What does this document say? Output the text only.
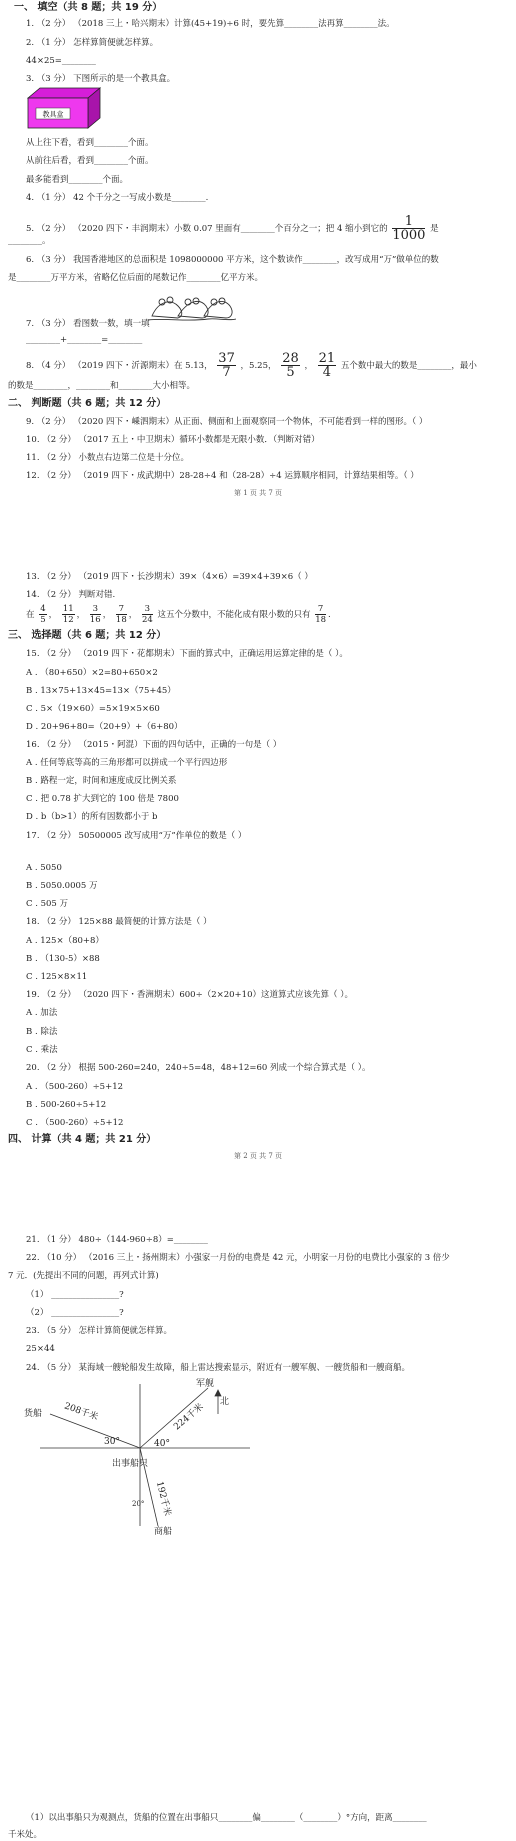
一、 填空（共 8 题；共 19 分）
1. （2 分） （2018 三上・哈兴期末）计算(45+19)÷6 时，要先算________法再算________法。
2. （1 分） 怎样算简便就怎样算。
44×25=________
3. （3 分） 下图所示的是一个教具盒。
教具盒
从上往下看，看到________个面。
从前往后看，看到________个面。
最多能看到________个面。
4. （1 分） 42 个千分之一写成小数是________.
5. （2 分） （2020 四下・丰润期末）小数 0.07 里面有________个百分之一；把 4 缩小到它的 $\frac{1}{1000}$ 是
________。
6. （3 分） 我国香港地区的总面积是 1098000000 平方米，这个数读作________，改写成用“万”做单位的数
是________万平方米，省略亿位后面的尾数记作________亿平方米。
7. （3 分） 看图数一数，填一填
________+________=________
8. （4 分） （2019 四下・沂源期末）在 5.13， $\frac{37}{7}$ ，5.25， $\frac{28}{5}$ ， $\frac{21}{4}$ 五个数中最大的数是________，最小
的数是________，________和________大小相等。
二、 判断题（共 6 题；共 12 分）
9. （2 分） （2020 四下・嵊泗期末）从正面、侧面和上面观察同一个物体，不可能看到一样的图形。（ ）
10. （2 分） （2017 五上・中卫期末）循环小数都是无限小数．（判断对错）
11. （2 分） 小数点右边第二位是十分位。
12. （2 分） （2019 四下・成武期中）28-28÷4 和（28-28）÷4 运算顺序相同，计算结果相等。（ ）
第 1 页 共 7 页
13. （2 分） （2019 四下・长沙期末）39×（4×6）=39×4+39×6（ ）
14. （2 分） 判断对错.
在 $\frac{4}{5}$ ， $\frac{11}{12}$ ， $\frac{3}{16}$ ， $\frac{7}{18}$ ， $\frac{3}{24}$ 这五个分数中，不能化成有限小数的只有 $\frac{7}{18}$ .
三、 选择题（共 6 题；共 12 分）
15. （2 分） （2019 四下・花都期末）下面的算式中，正确运用运算定律的是（ ）。
A . （80+650）×2=80+650×2
B . 13×75+13×45=13×（75+45）
C . 5×（19×60）=5×19×5×60
D . 20+96+80=（20+9）+（6+80）
16. （2 分） （2015・阿混）下面的四句话中，正确的一句是（ ）
A . 任何等底等高的三角形都可以拼成一个平行四边形
B . 路程一定，时间和速度成反比例关系
C . 把 0.78 扩大到它的 100 倍是 7800
D . b（b>1）的所有因数都小于 b
17. （2 分） 50500005 改写成用“万”作单位的数是（ ）
A . 5050
B . 5050.0005 万
C . 505 万
18. （2 分） 125×88 最简便的计算方法是（ ）
A . 125×（80+8）
B . （130-5）×88
C . 125×8×11
19. （2 分） （2020 四下・香洲期末）600÷（2×20+10）这道算式应该先算（ ）。
A . 加法
B . 除法
C . 乘法
20. （2 分） 根据 500-260=240，240÷5=48，48+12=60 列成一个综合算式是（ ）。
A . （500-260）÷5+12
B . 500-260÷5+12
C . （500-260）÷5+12
四、 计算（共 4 题；共 21 分）
第 2 页 共 7 页
21. （1 分） 480÷（144-960÷8）=________
22. （10 分） （2016 三上・扬州期末）小强家一月份的电费是 42 元，小明家一月份的电费比小强家的 3 倍少
7 元．(先提出不同的问题，再列式计算)
（1） ________________?
（2） ________________?
23. （5 分） 怎样计算简便就怎样算。
25×44
24. （5 分） 某海域一艘轮船发生故障，船上雷达搜索显示，附近有一艘军舰、一艘货船和一艘商船。
北
军舰
货船
出事船只
商船
30°	40°
20°
208千米	224千米
192千米
（1）以出事船只为观测点，货船的位置在出事船只________偏________（________）°方向，距离________
千米处。
